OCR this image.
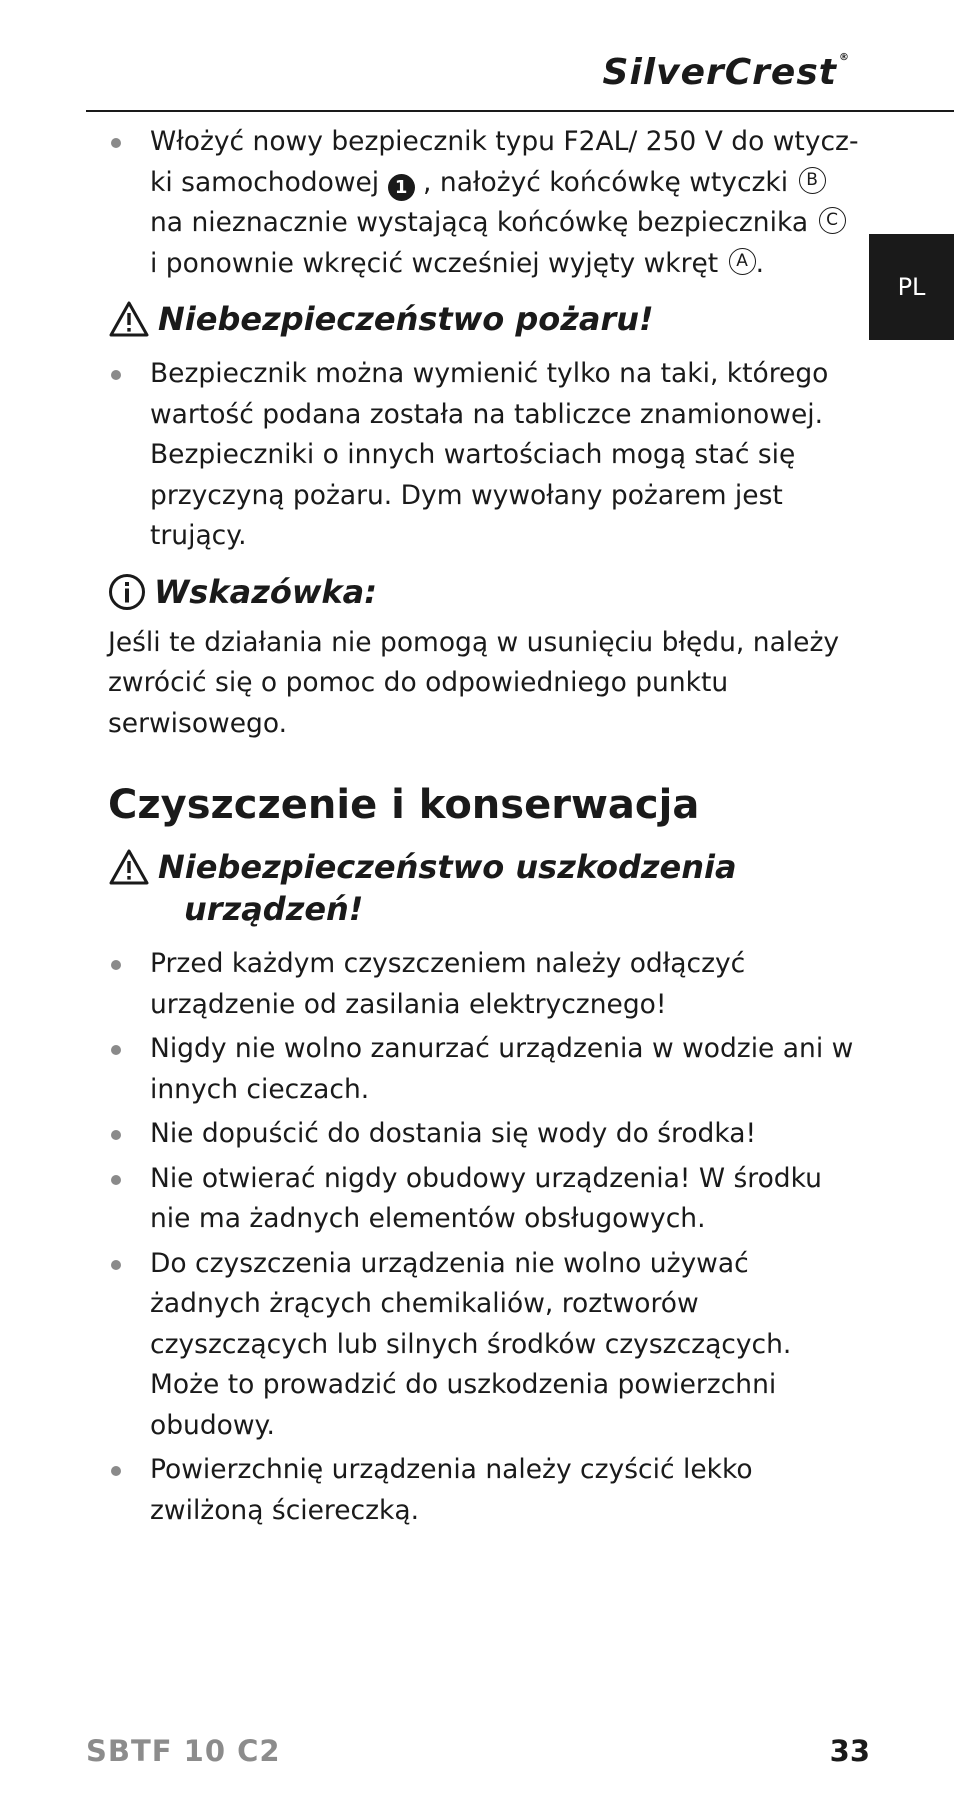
SilverCrest ®
PL
Włożyć nowy bezpiecznik typu F2AL/ 250 V do wtycz-
ki samochodowej 1 , nałożyć końcówkę wtyczki B
na nieznacznie wystającą końcówkę bezpiecznika C
i ponownie wkręcić wcześniej wyjęty wkręt A .
Niebezpieczeństwo pożaru!
Bezpiecznik można wymienić tylko na taki, którego wartość podana została na tabliczce znamionowej. Bezpieczniki o innych wartościach mogą stać się przyczyną pożaru. Dym wywołany pożarem jest trujący.
Wskazówka:

Jeśli te działania nie pomogą w usunięciu błędu, należy zwrócić się o pomoc do odpowiedniego punktu serwisowego.

Czyszczenie i konserwacja
Niebezpieczeństwo uszkodzenia
urządzeń!
Przed każdym czyszczeniem należy odłączyć urządzenie od zasilania elektrycznego!
Nigdy nie wolno zanurzać urządzenia w wodzie ani w innych cieczach.
Nie dopuścić do dostania się wody do środka!
Nie otwierać nigdy obudowy urządzenia! W środku nie ma żadnych elementów obsługowych.
Do czyszczenia urządzenia nie wolno używać żadnych żrących chemikaliów, roztworów czyszczących lub silnych środków czyszczących. Może to prowadzić do uszkodzenia powierzchni obudowy.
Powierzchnię urządzenia należy czyścić lekko zwilżoną ściereczką.
SBTF 10 C2	33
